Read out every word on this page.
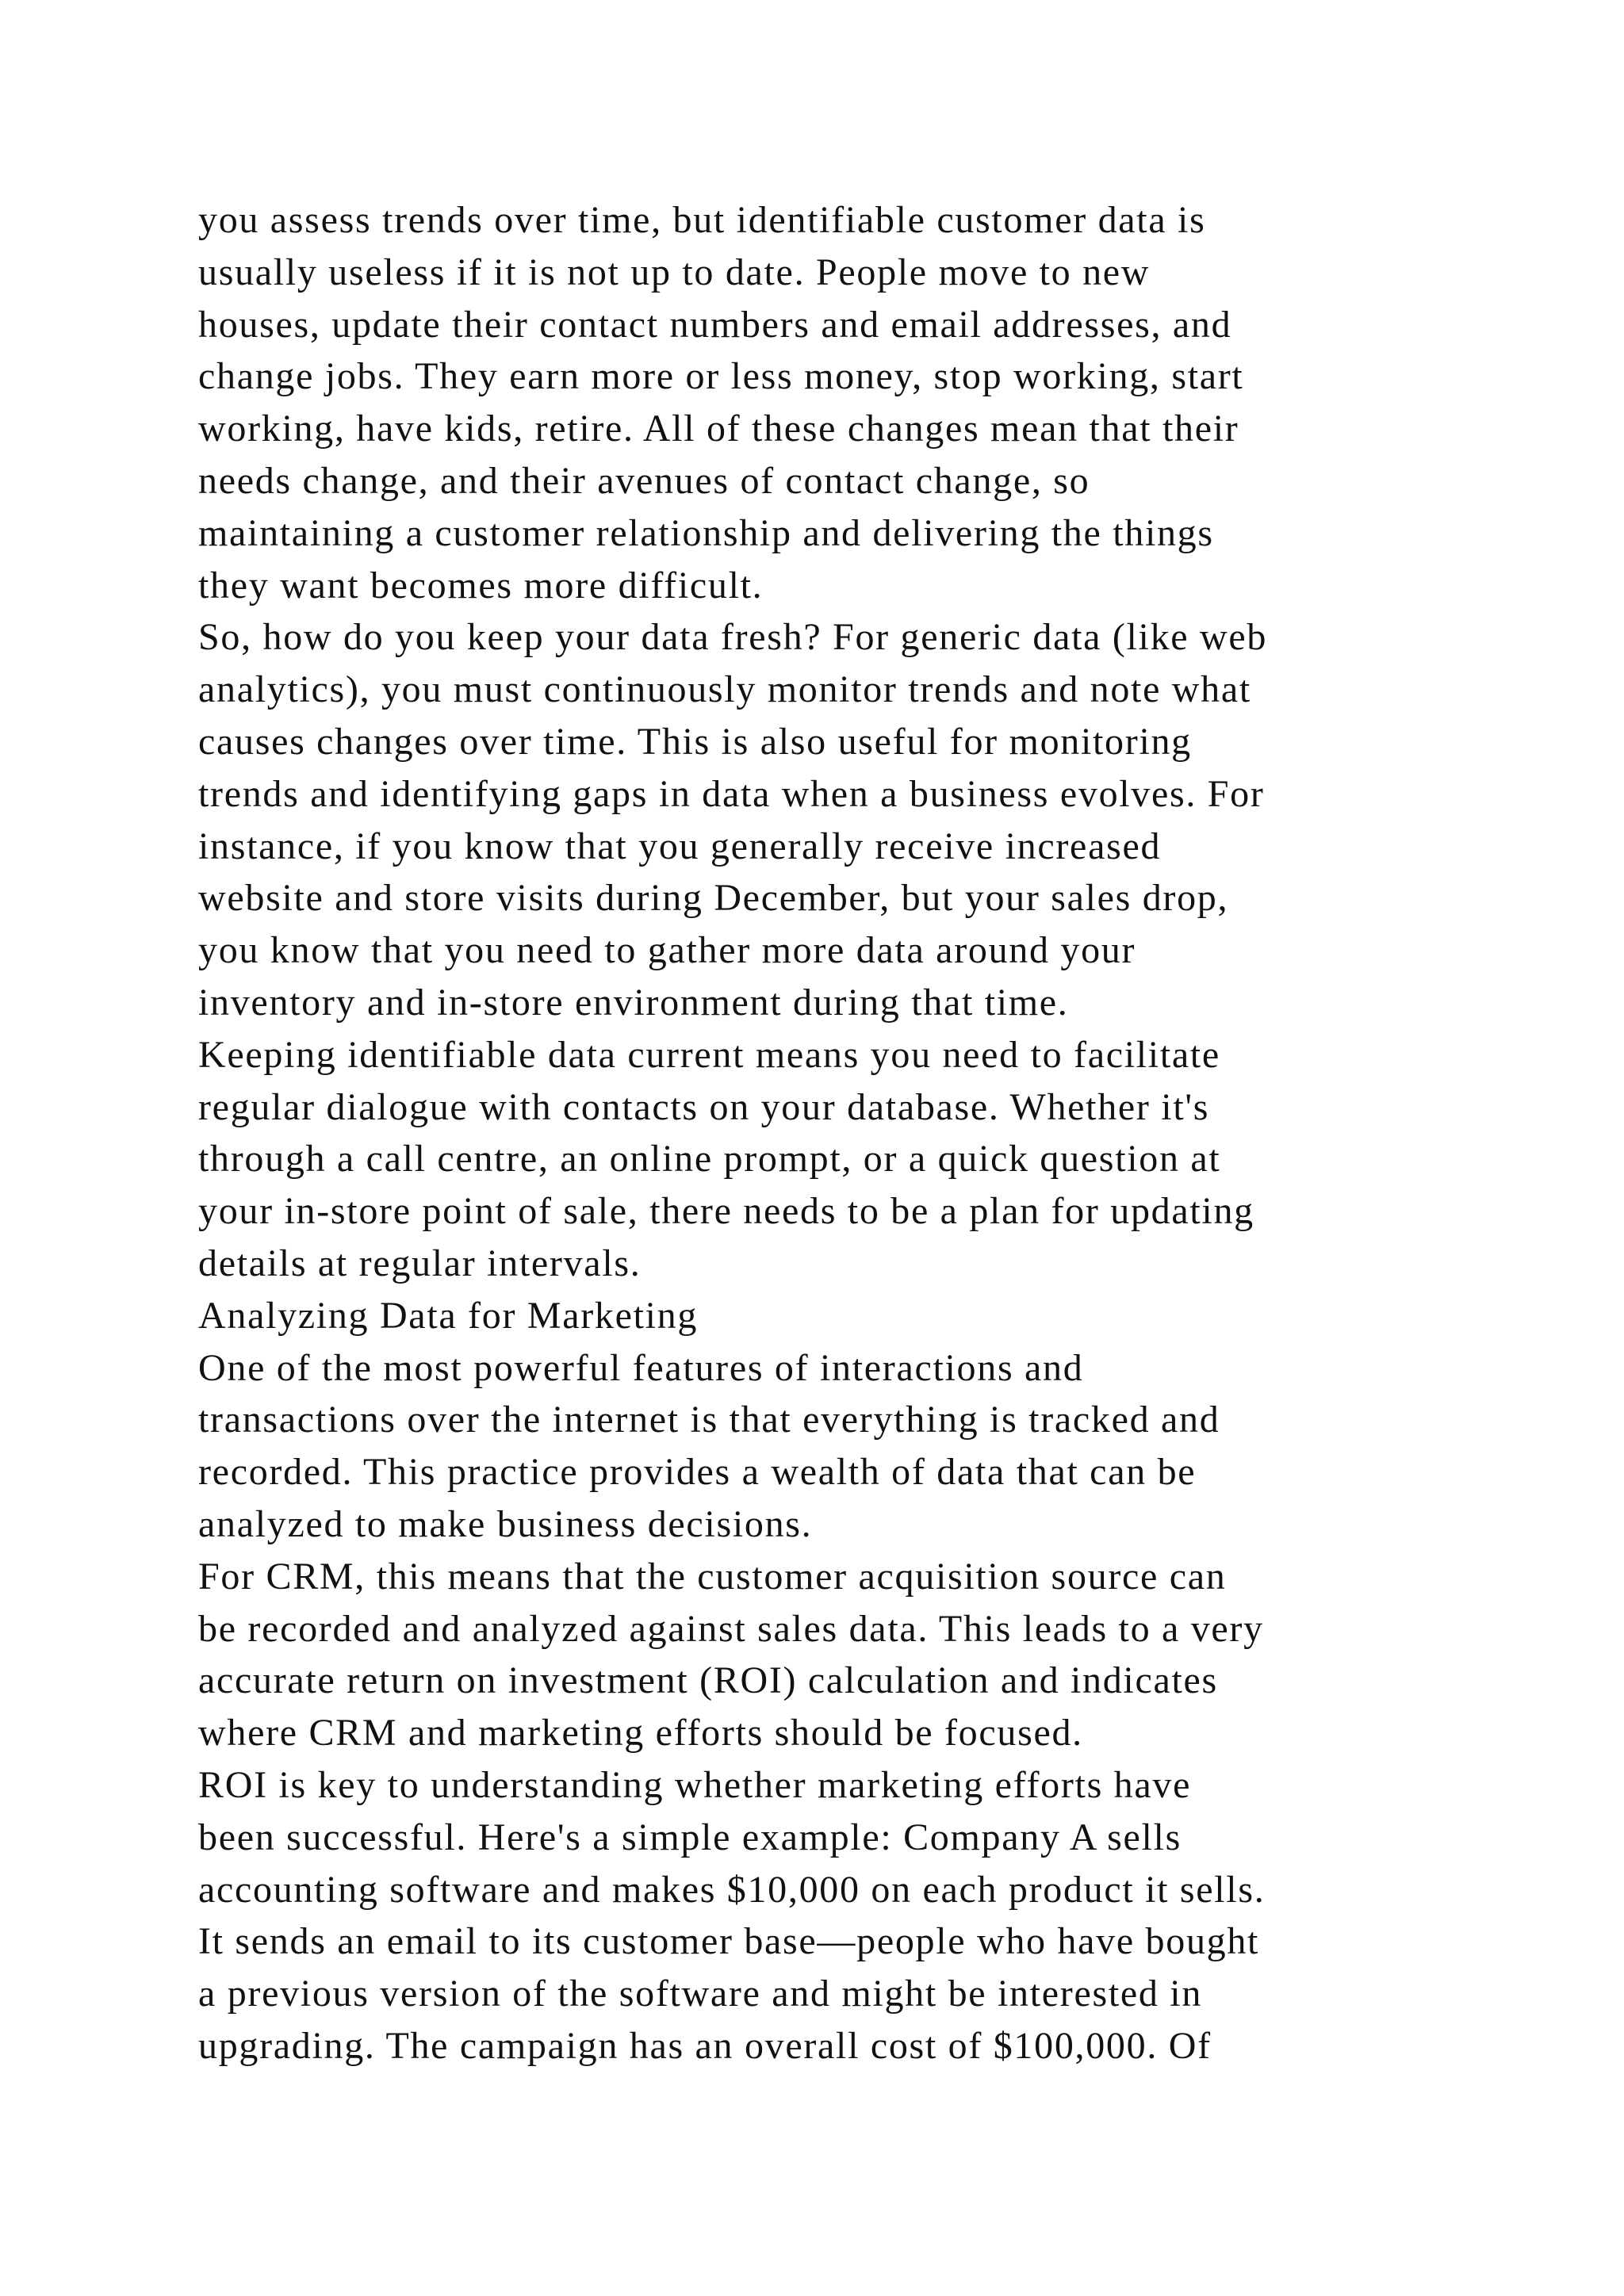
you assess trends over time, but identifiable customer data is
usually useless if it is not up to date. People move to new
houses, update their contact numbers and email addresses, and
change jobs. They earn more or less money, stop working, start
working, have kids, retire. All of these changes mean that their
needs change, and their avenues of contact change, so
maintaining a customer relationship and delivering the things
they want becomes more difficult.
So, how do you keep your data fresh? For generic data (like web
analytics), you must continuously monitor trends and note what
causes changes over time. This is also useful for monitoring
trends and identifying gaps in data when a business evolves. For
instance, if you know that you generally receive increased
website and store visits during December, but your sales drop,
you know that you need to gather more data around your
inventory and in-store environment during that time.
Keeping identifiable data current means you need to facilitate
regular dialogue with contacts on your database. Whether it's
through a call centre, an online prompt, or a quick question at
your in-store point of sale, there needs to be a plan for updating
details at regular intervals.
Analyzing Data for Marketing
One of the most powerful features of interactions and
transactions over the internet is that everything is tracked and
recorded. This practice provides a wealth of data that can be
analyzed to make business decisions.
For CRM, this means that the customer acquisition source can
be recorded and analyzed against sales data. This leads to a very
accurate return on investment (ROI) calculation and indicates
where CRM and marketing efforts should be focused.
ROI is key to understanding whether marketing efforts have
been successful. Here's a simple example: Company A sells
accounting software and makes $10,000 on each product it sells.
It sends an email to its customer base—people who have bought
a previous version of the software and might be interested in
upgrading. The campaign has an overall cost of $100,000. Of
